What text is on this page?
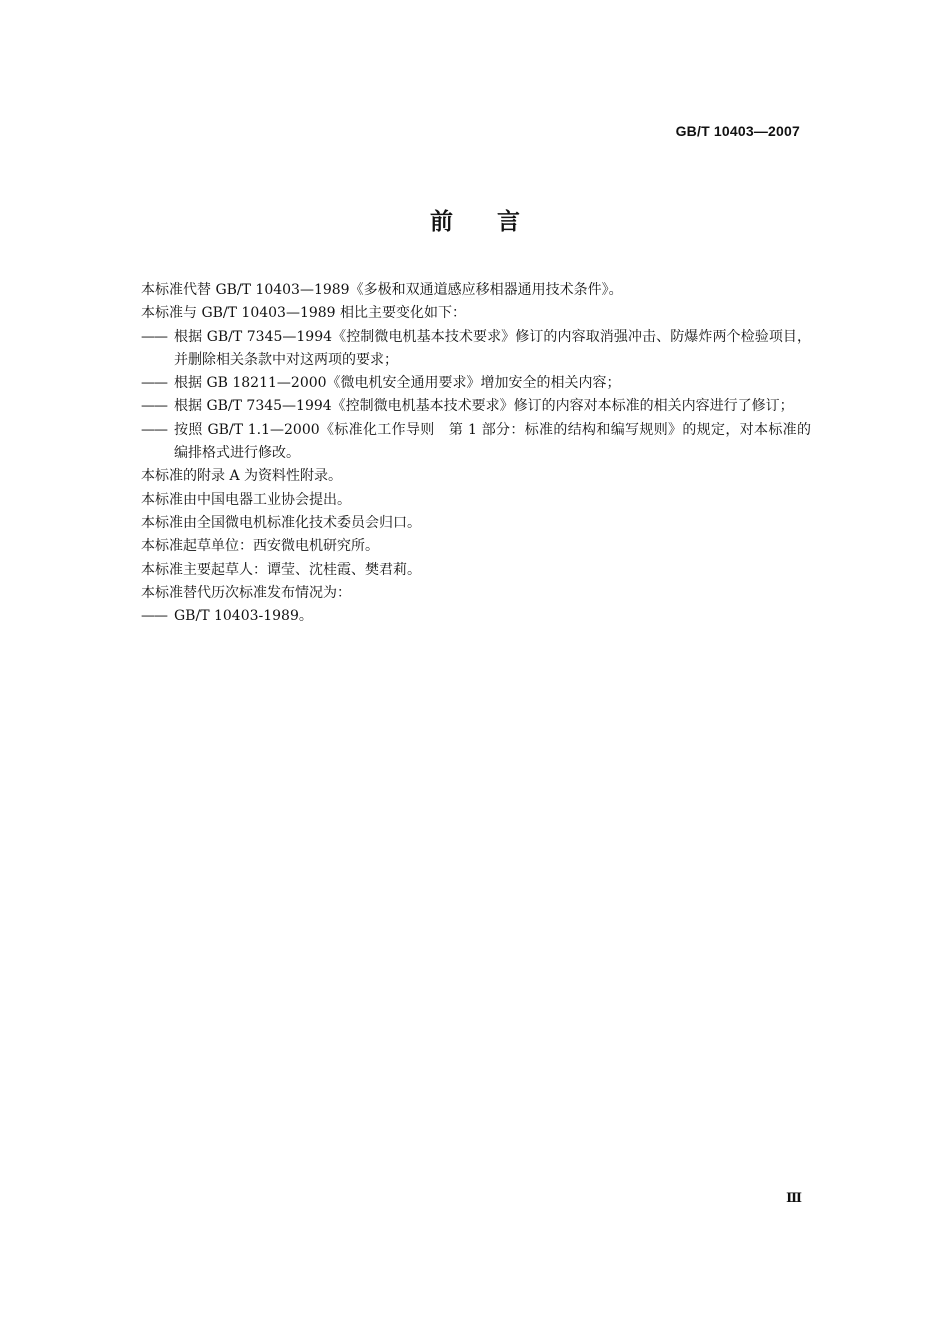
GB/T 10403—2007
前言

本标准代替 GB/T 10403—1989《多极和双通道感应移相器通用技术条件》。

本标准与 GB/T 10403—1989 相比主要变化如下：

—— 根据 GB/T 7345—1994《控制微电机基本技术要求》修订的内容取消强冲击、防爆炸两个检验项目，并删除相关条款中对这两项的要求；
—— 根据 GB 18211—2000《微电机安全通用要求》增加安全的相关内容；
—— 根据 GB/T 7345—1994《控制微电机基本技术要求》修订的内容对本标准的相关内容进行了修订；
—— 按照 GB/T 1.1—2000《标准化工作导则　第 1 部分：标准的结构和编写规则》的规定，对本标准的编排格式进行修改。

本标准的附录 A 为资料性附录。

本标准由中国电器工业协会提出。

本标准由全国微电机标准化技术委员会归口。

本标准起草单位：西安微电机研究所。

本标准主要起草人：谭莹、沈桂霞、樊君莉。

本标准替代历次标准发布情况为：

—— GB/T 10403-1989。
Ⅲ
